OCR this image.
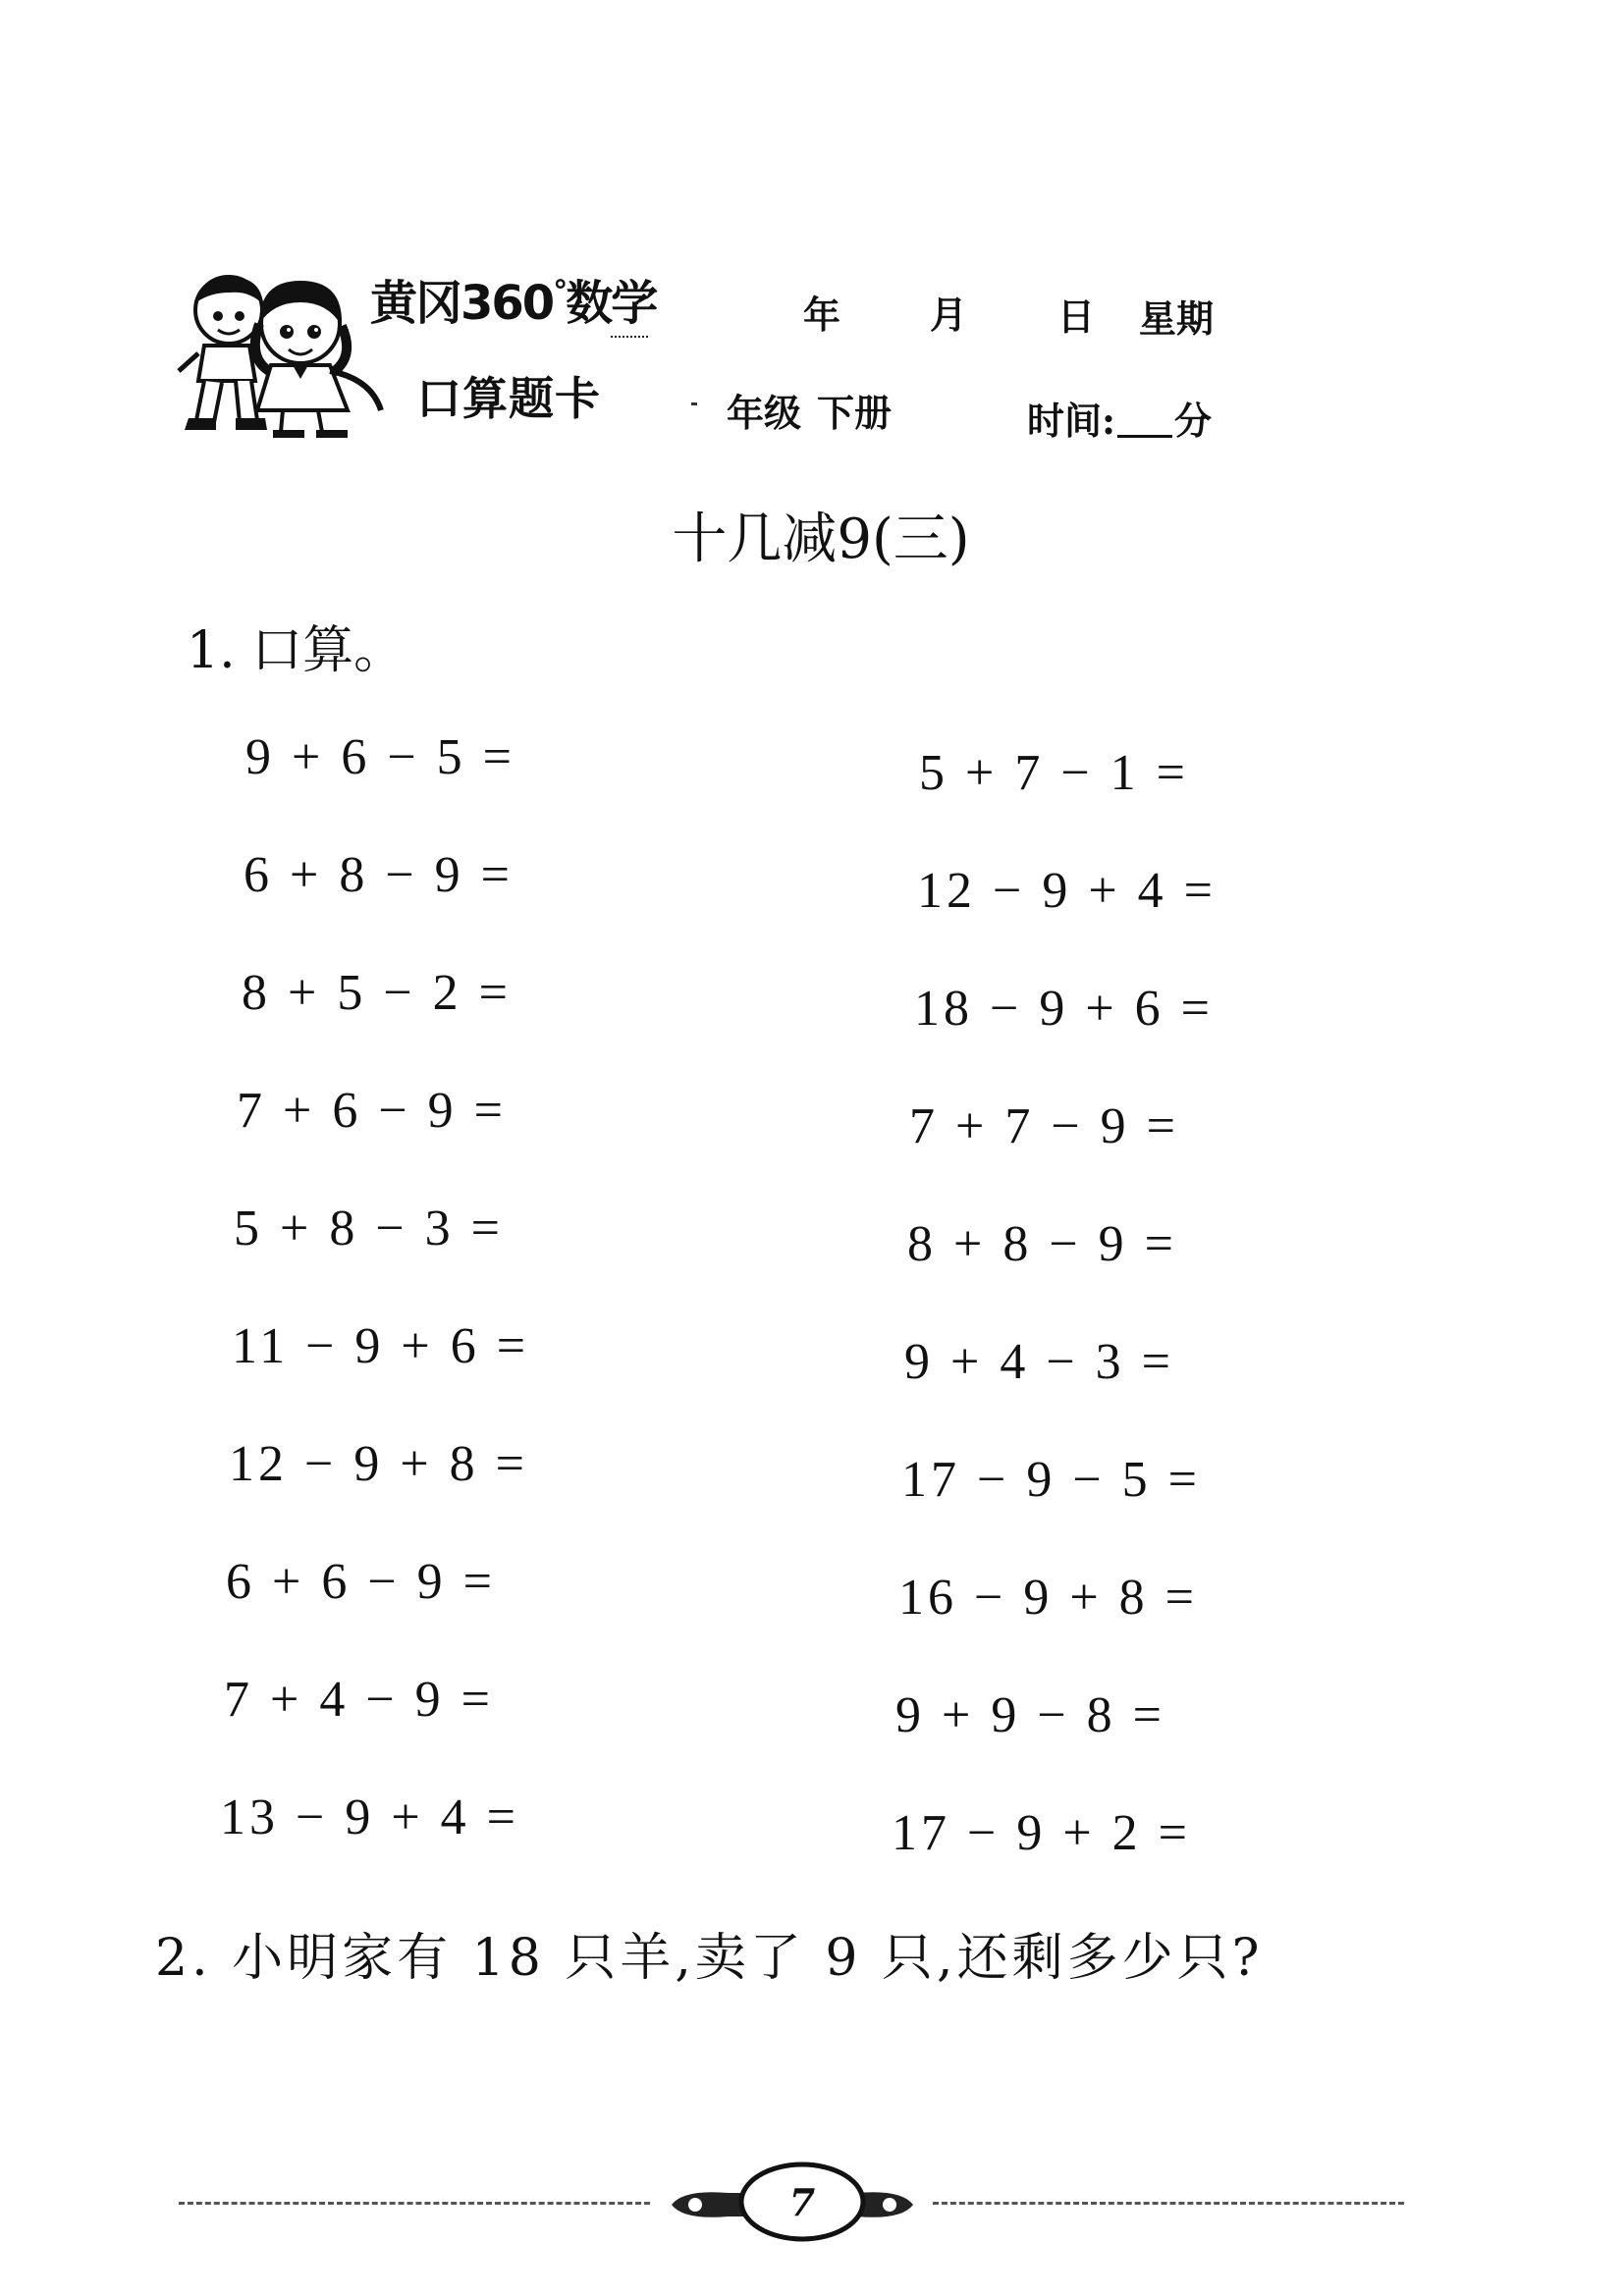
黄冈360°数学
口算题卡
年 月 日 星期
年级 下册	时间: 分
十几减9(三)
1. 口算。
9 + 6 − 5 =
6 + 8 − 9 =
8 + 5 − 2 =
7 + 6 − 9 =
5 + 8 − 3 =
11 − 9 + 6 =
12 − 9 + 8 =
6 + 6 − 9 =
7 + 4 − 9 =
13 − 9 + 4 =
5 + 7 − 1 =
12 − 9 + 4 =
18 − 9 + 6 =
7 + 7 − 9 =
8 + 8 − 9 =
9 + 4 − 3 =
17 − 9 − 5 =
16 − 9 + 8 =
9 + 9 − 8 =
17 − 9 + 2 =
2. 小明家有 18 只羊,卖了 9 只,还剩多少只?
7
